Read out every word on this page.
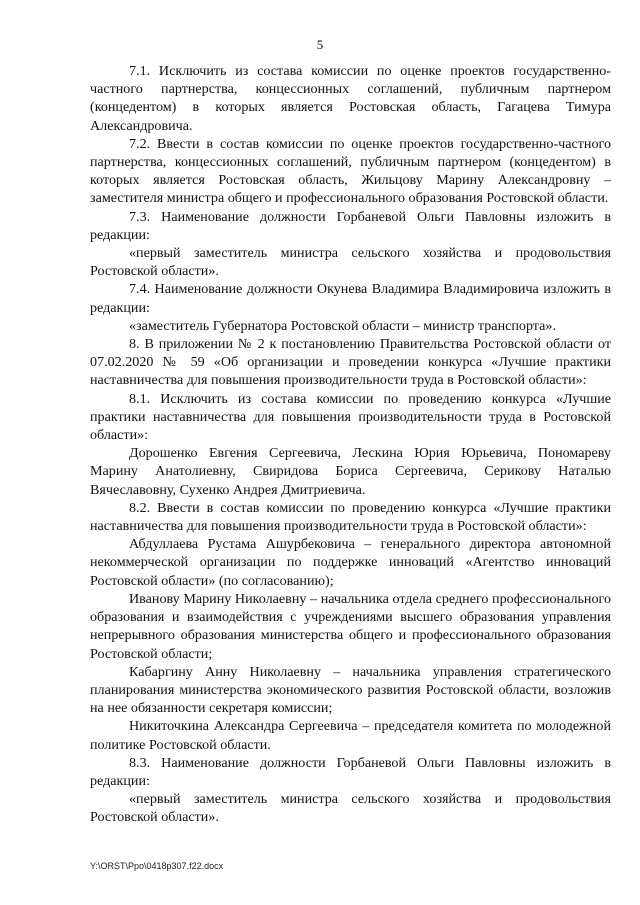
5

7.1. Исключить из состава комиссии по оценке проектов государственно-частного партнерства, концессионных соглашений, публичным партнером (концедентом) в которых является Ростовская область, Гагацева Тимура Александровича.

7.2. Ввести в состав комиссии по оценке проектов государственно-частного партнерства, концессионных соглашений, публичным партнером (концедентом) в которых является Ростовская область, Жильцову Марину Александровну – заместителя министра общего и профессионального образования Ростовской области.

7.3. Наименование должности Горбаневой Ольги Павловны изложить в редакции:

«первый заместитель министра сельского хозяйства и продовольствия Ростовской области».

7.4. Наименование должности Окунева Владимира Владимировича изложить в редакции:

«заместитель Губернатора Ростовской области – министр транспорта».

8. В приложении № 2 к постановлению Правительства Ростовской области от 07.02.2020 № 59 «Об организации и проведении конкурса «Лучшие практики наставничества для повышения производительности труда в Ростовской области»:

8.1. Исключить из состава комиссии по проведению конкурса «Лучшие практики наставничества для повышения производительности труда в Ростовской области»:

Дорошенко Евгения Сергеевича, Лескина Юрия Юрьевича, Пономареву Марину Анатолиевну, Свиридова Бориса Сергеевича, Серикову Наталью Вячеславовну, Сухенко Андрея Дмитриевича.

8.2. Ввести в состав комиссии по проведению конкурса «Лучшие практики наставничества для повышения производительности труда в Ростовской области»:

Абдуллаева Рустама Ашурбековича – генерального директора автономной некоммерческой организации по поддержке инноваций «Агентство инноваций Ростовской области» (по согласованию);

Иванову Марину Николаевну – начальника отдела среднего профессионального образования и взаимодействия с учреждениями высшего образования управления непрерывного образования министерства общего и профессионального образования Ростовской области;

Кабаргину Анну Николаевну – начальника управления стратегического планирования министерства экономического развития Ростовской области, возложив на нее обязанности секретаря комиссии;

Никиточкина Александра Сергеевича – председателя комитета по молодежной политике Ростовской области.

8.3. Наименование должности Горбаневой Ольги Павловны изложить в редакции:

«первый заместитель министра сельского хозяйства и продовольствия Ростовской области».

Y:\ORST\Ppo\0418p307.f22.docx
